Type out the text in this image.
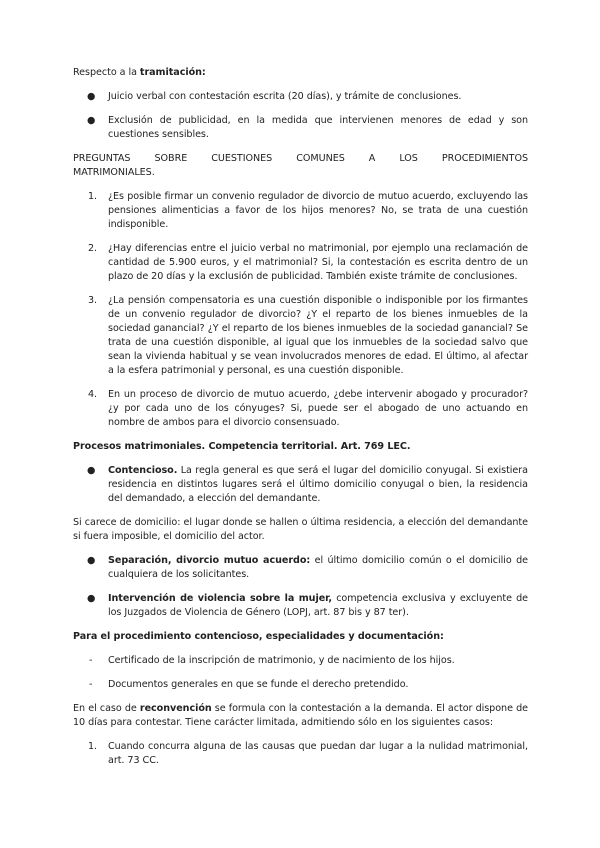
Respecto a la tramitación:

● Juicio verbal con contestación escrita (20 días), y trámite de conclusiones.
● Exclusión de publicidad, en la medida que intervienen menores de edad y son cuestiones sensibles.

PREGUNTAS SOBRE CUESTIONES COMUNES A LOS PROCEDIMIENTOS MATRIMONIALES.

1. ¿Es posible firmar un convenio regulador de divorcio de mutuo acuerdo, excluyendo las pensiones alimenticias a favor de los hijos menores? No, se trata de una cuestión indisponible.
2. ¿Hay diferencias entre el juicio verbal no matrimonial, por ejemplo una reclamación de cantidad de 5.900 euros, y el matrimonial? Si, la contestación es escrita dentro de un plazo de 20 días y la exclusión de publicidad. También existe trámite de conclusiones.
3. ¿La pensión compensatoria es una cuestión disponible o indisponible por los firmantes de un convenio regulador de divorcio? ¿Y el reparto de los bienes inmuebles de la sociedad ganancial? ¿Y el reparto de los bienes inmuebles de la sociedad ganancial? Se trata de una cuestión disponible, al igual que los inmuebles de la sociedad salvo que sean la vivienda habitual y se vean involucrados menores de edad. El último, al afectar a la esfera patrimonial y personal, es una cuestión disponible.
4. En un proceso de divorcio de mutuo acuerdo, ¿debe intervenir abogado y procurador? ¿y por cada uno de los cónyuges? Si, puede ser el abogado de uno actuando en nombre de ambos para el divorcio consensuado.

Procesos matrimoniales. Competencia territorial. Art. 769 LEC.

● Contencioso. La regla general es que será el lugar del domicilio conyugal. Si existiera residencia en distintos lugares será el último domicilio conyugal o bien, la residencia del demandado, a elección del demandante.

Si carece de domicilio: el lugar donde se hallen o última residencia, a elección del demandante si fuera imposible, el domicilio del actor.

● Separación, divorcio mutuo acuerdo: el último domicilio común o el domicilio de cualquiera de los solicitantes.
● Intervención de violencia sobre la mujer, competencia exclusiva y excluyente de los Juzgados de Violencia de Género (LOPJ, art. 87 bis y 87 ter).

Para el procedimiento contencioso, especialidades y documentación:

- Certificado de la inscripción de matrimonio, y de nacimiento de los hijos.
- Documentos generales en que se funde el derecho pretendido.

En el caso de reconvención se formula con la contestación a la demanda. El actor dispone de 10 días para contestar. Tiene carácter limitada, admitiendo sólo en los siguientes casos:

1. Cuando concurra alguna de las causas que puedan dar lugar a la nulidad matrimonial, art. 73 CC.
